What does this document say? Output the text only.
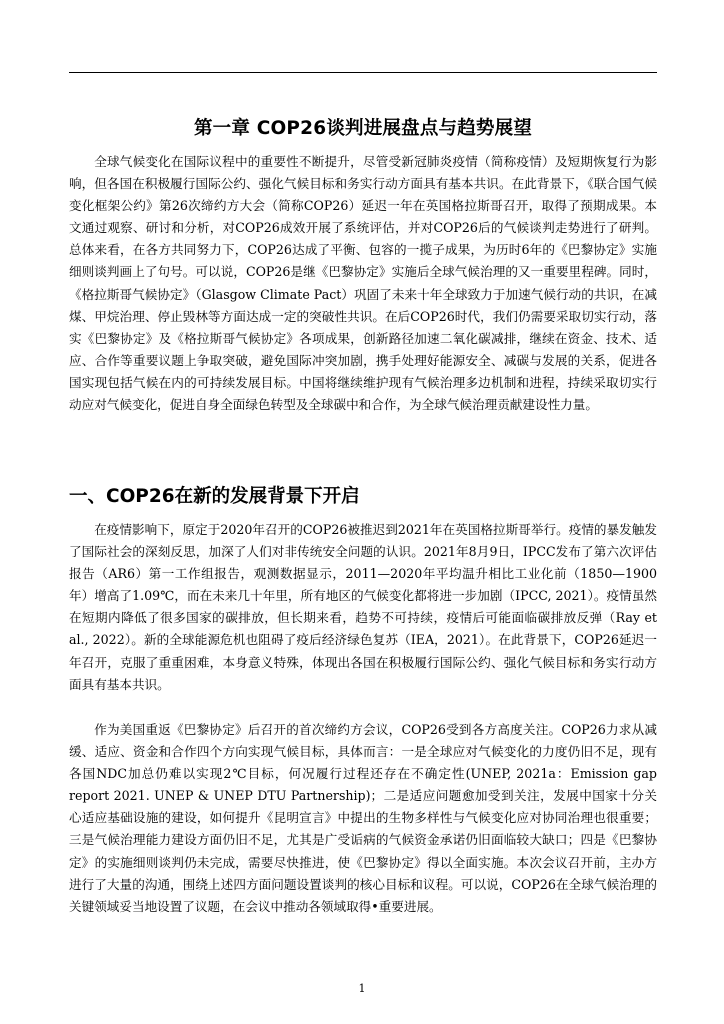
第一章 COP26谈判进展盘点与趋势展望

全球气候变化在国际议程中的重要性不断提升，尽管受新冠肺炎疫情（简称疫情）及短期恢复行为影响，但各国在积极履行国际公约、强化气候目标和务实行动方面具有基本共识。在此背景下，《联合国气候变化框架公约》第26次缔约方大会（简称COP26）延迟一年在英国格拉斯哥召开，取得了预期成果。本文通过观察、研讨和分析，对COP26成效开展了系统评估，并对COP26后的气候谈判走势进行了研判。总体来看，在各方共同努力下，COP26达成了平衡、包容的一揽子成果，为历时6年的《巴黎协定》实施细则谈判画上了句号。可以说，COP26是继《巴黎协定》实施后全球气候治理的又一重要里程碑。同时，《格拉斯哥气候协定》（Glasgow Climate Pact）巩固了未来十年全球致力于加速气候行动的共识，在减煤、甲烷治理、停止毁林等方面达成一定的突破性共识。在后COP26时代，我们仍需要采取切实行动，落实《巴黎协定》及《格拉斯哥气候协定》各项成果，创新路径加速二氧化碳减排，继续在资金、技术、适应、合作等重要议题上争取突破，避免国际冲突加剧，携手处理好能源安全、减碳与发展的关系，促进各国实现包括气候在内的可持续发展目标。中国将继续维护现有气候治理多边机制和进程，持续采取切实行动应对气候变化，促进自身全面绿色转型及全球碳中和合作，为全球气候治理贡献建设性力量。

一、COP26在新的发展背景下开启

在疫情影响下，原定于2020年召开的COP26被推迟到2021年在英国格拉斯哥举行。疫情的暴发触发了国际社会的深刻反思，加深了人们对非传统安全问题的认识。2021年8月9日，IPCC发布了第六次评估报告（AR6）第一工作组报告，观测数据显示，2011—2020年平均温升相比工业化前（1850—1900年）增高了1.09℃，而在未来几十年里，所有地区的气候变化都将进一步加剧（IPCC, 2021）。疫情虽然在短期内降低了很多国家的碳排放，但长期来看，趋势不可持续，疫情后可能面临碳排放反弹（Ray et al., 2022）。新的全球能源危机也阻碍了疫后经济绿色复苏（IEA，2021）。在此背景下，COP26延迟一年召开，克服了重重困难，本身意义特殊，体现出各国在积极履行国际公约、强化气候目标和务实行动方面具有基本共识。

作为美国重返《巴黎协定》后召开的首次缔约方会议，COP26受到各方高度关注。COP26力求从减缓、适应、资金和合作四个方向实现气候目标，具体而言：一是全球应对气候变化的力度仍旧不足，现有各国NDC加总仍难以实现2℃目标，何况履行过程还存在不确定性(UNEP, 2021a：Emission gap report 2021. UNEP & UNEP DTU Partnership)；二是适应问题愈加受到关注，发展中国家十分关心适应基础设施的建设，如何提升《昆明宣言》中提出的生物多样性与气候变化应对协同治理也很重要；三是气候治理能力建设方面仍旧不足，尤其是广受诟病的气候资金承诺仍旧面临较大缺口；四是《巴黎协定》的实施细则谈判仍未完成，需要尽快推进，使《巴黎协定》得以全面实施。本次会议召开前，主办方进行了大量的沟通，围绕上述四方面问题设置谈判的核心目标和议程。可以说，COP26在全球气候治理的关键领域妥当地设置了议题，在会议中推动各领域取得•重要进展。

1
